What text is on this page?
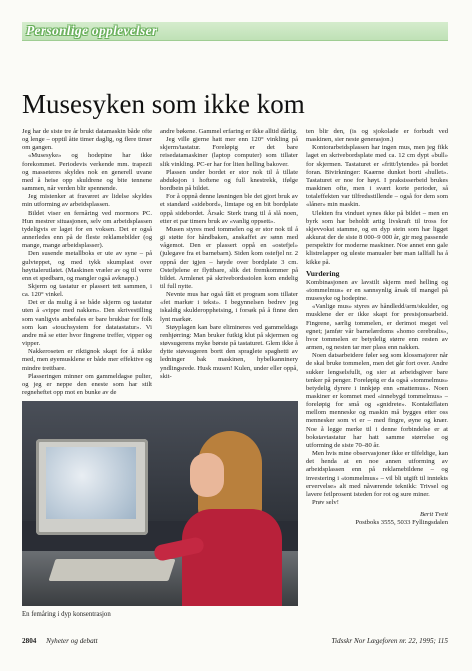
Personlige opplevelser
Musesyken som ikke kom

Jeg har de siste tre år brukt datamaskin både ofte og lenge – opptil åtte timer daglig, og flere timer om gangen.

«Musesyke» og hodepine har ikke forekommet. Periodevis verkende mm. trapezii og masseteres skyldes nok en generell uvane med å heise opp skuldrene og bite tennene sammen, når verden blir spennende.

Jeg mistenker at fraværet av lidelse skyldes min utforming av arbeidsplassen.

Bildet viser en fernåring ved mormors PC. Hun mestrer situasjonen, selv om arbeidsplassen tydeligvis er laget for en voksen. Det er også annerledes enn på de fleste reklamebilder (og mange, mange arbeidsplasser).

Den susende metallboks er ute av syne – på gulvteppet, og med tykk skumplast over høyttalerutlatet. (Maskinen vræler av og til verre enn et spedbarn, og mangler også avknapp.)

Skjerm og tastatur er plassert tett sammen, i ca. 120° vinkel.

Det er da mulig å se både skjerm og tastatur uten å «vippe med nakken». Den skrivestilling som vanligvis anbefales er bare brukbar for folk som kan «touchsystem for datatastatur». Vi andre må se etter hvor fingrene treffer, vipper og vipper.

Nakkeroseten er riktignok skapt for å nikke med, men øyemusklene er både mer effektive og mindre trettbare.

Plasseringen minner om gammeldagse pulter, og jeg er neppe den eneste som har stilt regneheftet opp mot en bunke av de

andre bøkene. Gammel erfaring er ikke alltid dårlig.

Jeg ville gjerne hatt mer enn 120° vinkling på skjerm/tastatur. Foreløpig er det bare reisedatamaskiner (laptop computer) som tillater slik vinkling. PC-er har for liten helling bakover.

Plassen under bordet er stor nok til å tillate abduksjon i hoftene og full knestrekk, ifølge bordbein på bildet.

For å oppnå denne løsningen ble det gjort bruk av et standard «sidebord», limtape og en bit bordplate oppå sidebordet. Årsak: Sterk trang til å slå noen, etter et par timers bruk av «vanlig oppsett».

Musen styres med tommelen og er stor nok til å gi støtte for håndbaken, anskaffet av sønn med vågemot. Den er plassert oppå en «ostefjel» (julegave fra et barnebarn). Siden kom ostefjel nr. 2 oppnå der igjen – høyde over bordplate 3 cm. Ostefjelene er flyttbare, slik det fremkommer på bildet. Armlenet på skrivebordsstolen kom endelig til full nytte.

Nevnte mus har også fått et program som tillater «fet markør i tekst». I begynnelsen bedrev jeg iskaldig skulderoppheising, i forsøk på å finne den lynt markør.

Støyplagen kan bare elimineres ved gammeldags renhjørring: Man bruker futkig klut på skjermen og støvsugerens myke børste på tastaturet. Glem ikke å dytte støvsugeren bortt den spraglete spaghetti av ledninger bak maskinen, hybelkanninery yndlingsrede. Husk musen! Kulen, under eller oppå, skit-

ten blir den, (is og sjokolade er forbudt ved maskinen, sier neste generasjon.)

Kontorarbeidsplassen har ingen mus, men jeg fikk laget en skrivebordsplate med ca. 12 cm dypt «bull» for skjermen. Tastaturet er «fritt/lytende» på bordet foran. Bivirkninger: Kaærne dunket borti «hullet». Tastaturet er noe for høyt. I praksisserbeid brukes maskinen ofte, men i svært korte perioder, så totaleffekten var tilfredsstillende – også for dem som «låner» min maskin.

Ulekten fra vinduet synes ikke på bildet – men en byrk som har beholdt artig livskraft til tross for skjevvokst stamme, og en dyp stein som har ligget akkurat der de siste 8 000–9 000 år, gir meg passende perspektiv for moderne maskiner. Noe annet enn gale klistrelapper og uleste manualer bør man iallfall ha å kikke på.

Vurdering

Kombinasjonen av lavstilt skjerm med helling og «tommelmus» er en sannsynlig årsak til mangel på musesyke og hodepine.

«Vanlige mus» styres av håndledd/arm/skulder, og musklene der er ikke skapt for presisjonsarbeid. Fingrene, særlig tommelen, er derimot meget vel egnet; jamfør vår barnelærdoms «homo cerebralis», hvor tommelen er betydelig større enn resten av armen, og nesten tar mer plass enn nakken.

Noen datsarbeidere føler seg som klossmajorer når de skal bruke tommelen, men det går fort over. Andre sukker lengselsfullt, og sier at arbeidsgiver bare tenker på penger. Foreløpig er da også «tommelmus» betydelig dyrere i innkjøp enn «mattemus». Noen maskiner er kommet med «innebygd tommelmus» – foreløpig for små og «gnidrete». Kontaktflaten mellom menneske og maskin må bygges etter oss mennesker som vi er – med fingre, øyne og knær. Noe å legge merke til i denne forbindelse er at bokstavtastatur har hatt samme størrelse og utforming de siste 70–80 år.

Men hvis mine observasjoner ikke er tilfeldige, kan det henda at en noe annen utforming av arbeidsplassen enn på reklamebildene – og investering i «tommelmus» – vil bli utgift til inntekts ervervelse» alt med nåværende teknikk: Trivsel og lavere feilprosent isteden for rot og sure miner.

Prøv selv!

Berit Tveit

Postboks 3555, 5033 Fyllingsdalen

En femåring i dyp konsentrasjon
2804 Nyheter og debatt	Tidsskr Nor Lægeforen nr. 22, 1995; 115
